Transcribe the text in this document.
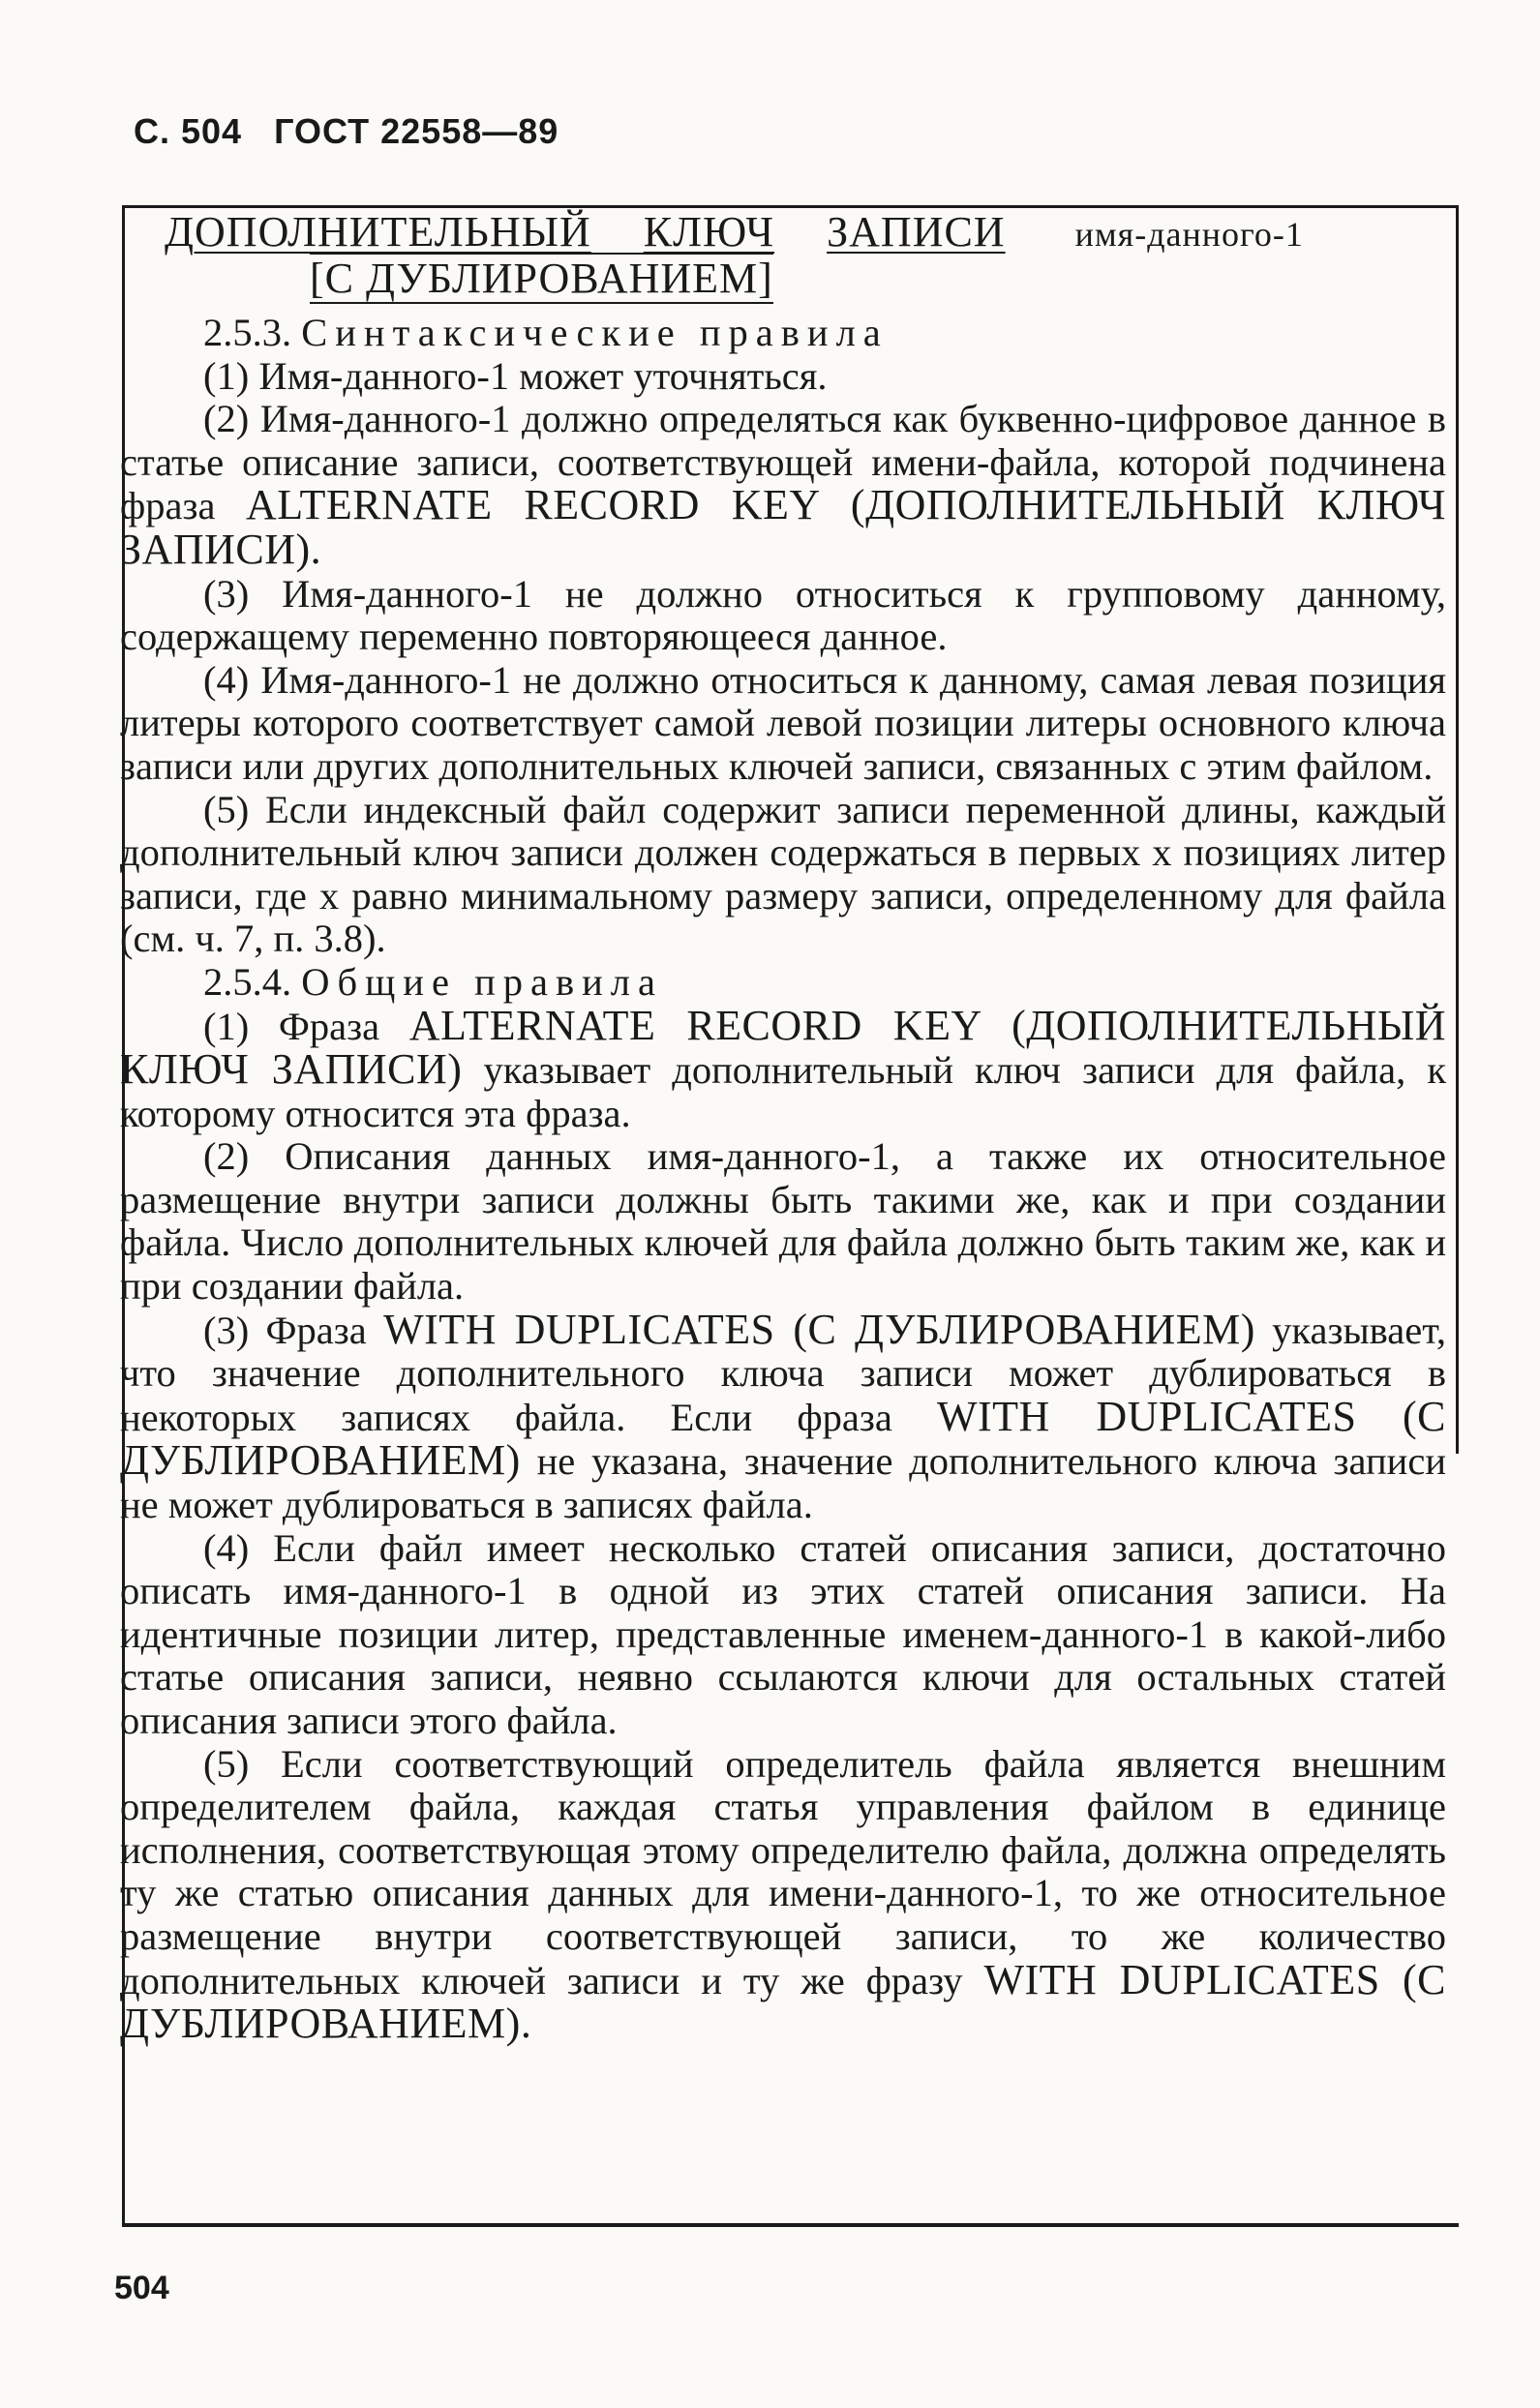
С. 504 ГОСТ 22558—89
ДОПОЛНИТЕЛЬНЫЙ КЛЮЧ ЗАПИСИ имя-данного-1
[С ДУБЛИРОВАНИЕМ]
2.5.3. Синтаксические правила

(1) Имя-данного-1 может уточняться.

(2) Имя-данного-1 должно определяться как буквенно-цифровое данное в статье описание записи, соответствующей имени-файла, которой подчинена фраза ALTERNATE RECORD KEY (ДОПОЛНИТЕЛЬНЫЙ КЛЮЧ ЗАПИСИ).

(3) Имя-данного-1 не должно относиться к групповому данному, содержащему переменно повторяющееся данное.

(4) Имя-данного-1 не должно относиться к данному, самая левая позиция литеры которого соответствует самой левой позиции литеры основного ключа записи или других дополнительных ключей записи, связанных с этим файлом.

(5) Если индексный файл содержит записи переменной длины, каждый дополнительный ключ записи должен содержаться в первых x позициях литер записи, где x равно минимальному размеру записи, определенному для файла (см. ч. 7, п. 3.8).

2.5.4. Общие правила

(1) Фраза ALTERNATE RECORD KEY (ДОПОЛНИТЕЛЬНЫЙ КЛЮЧ ЗАПИСИ) указывает дополнительный ключ записи для файла, к которому относится эта фраза.

(2) Описания данных имя-данного-1, а также их относительное размещение внутри записи должны быть такими же, как и при создании файла. Число дополнительных ключей для файла должно быть таким же, как и при создании файла.

(3) Фраза WITH DUPLICATES (С ДУБЛИРОВАНИЕМ) указывает, что значение дополнительного ключа записи может дублироваться в некоторых записях файла. Если фраза WITH DUPLICATES (С ДУБЛИРОВАНИЕМ) не указана, значение дополнительного ключа записи не может дублироваться в записях файла.

(4) Если файл имеет несколько статей описания записи, достаточно описать имя-данного-1 в одной из этих статей описания записи. На идентичные позиции литер, представленные именем-данного-1 в какой-либо статье описания записи, неявно ссылаются ключи для остальных статей описания записи этого файла.

(5) Если соответствующий определитель файла является внешним определителем файла, каждая статья управления файлом в единице исполнения, соответствующая этому определителю файла, должна определять ту же статью описания данных для имени-данного-1, то же относительное размещение внутри соответствующей записи, то же количество дополнительных ключей записи и ту же фразу WITH DUPLICATES (С ДУБЛИРОВАНИЕМ).

504
